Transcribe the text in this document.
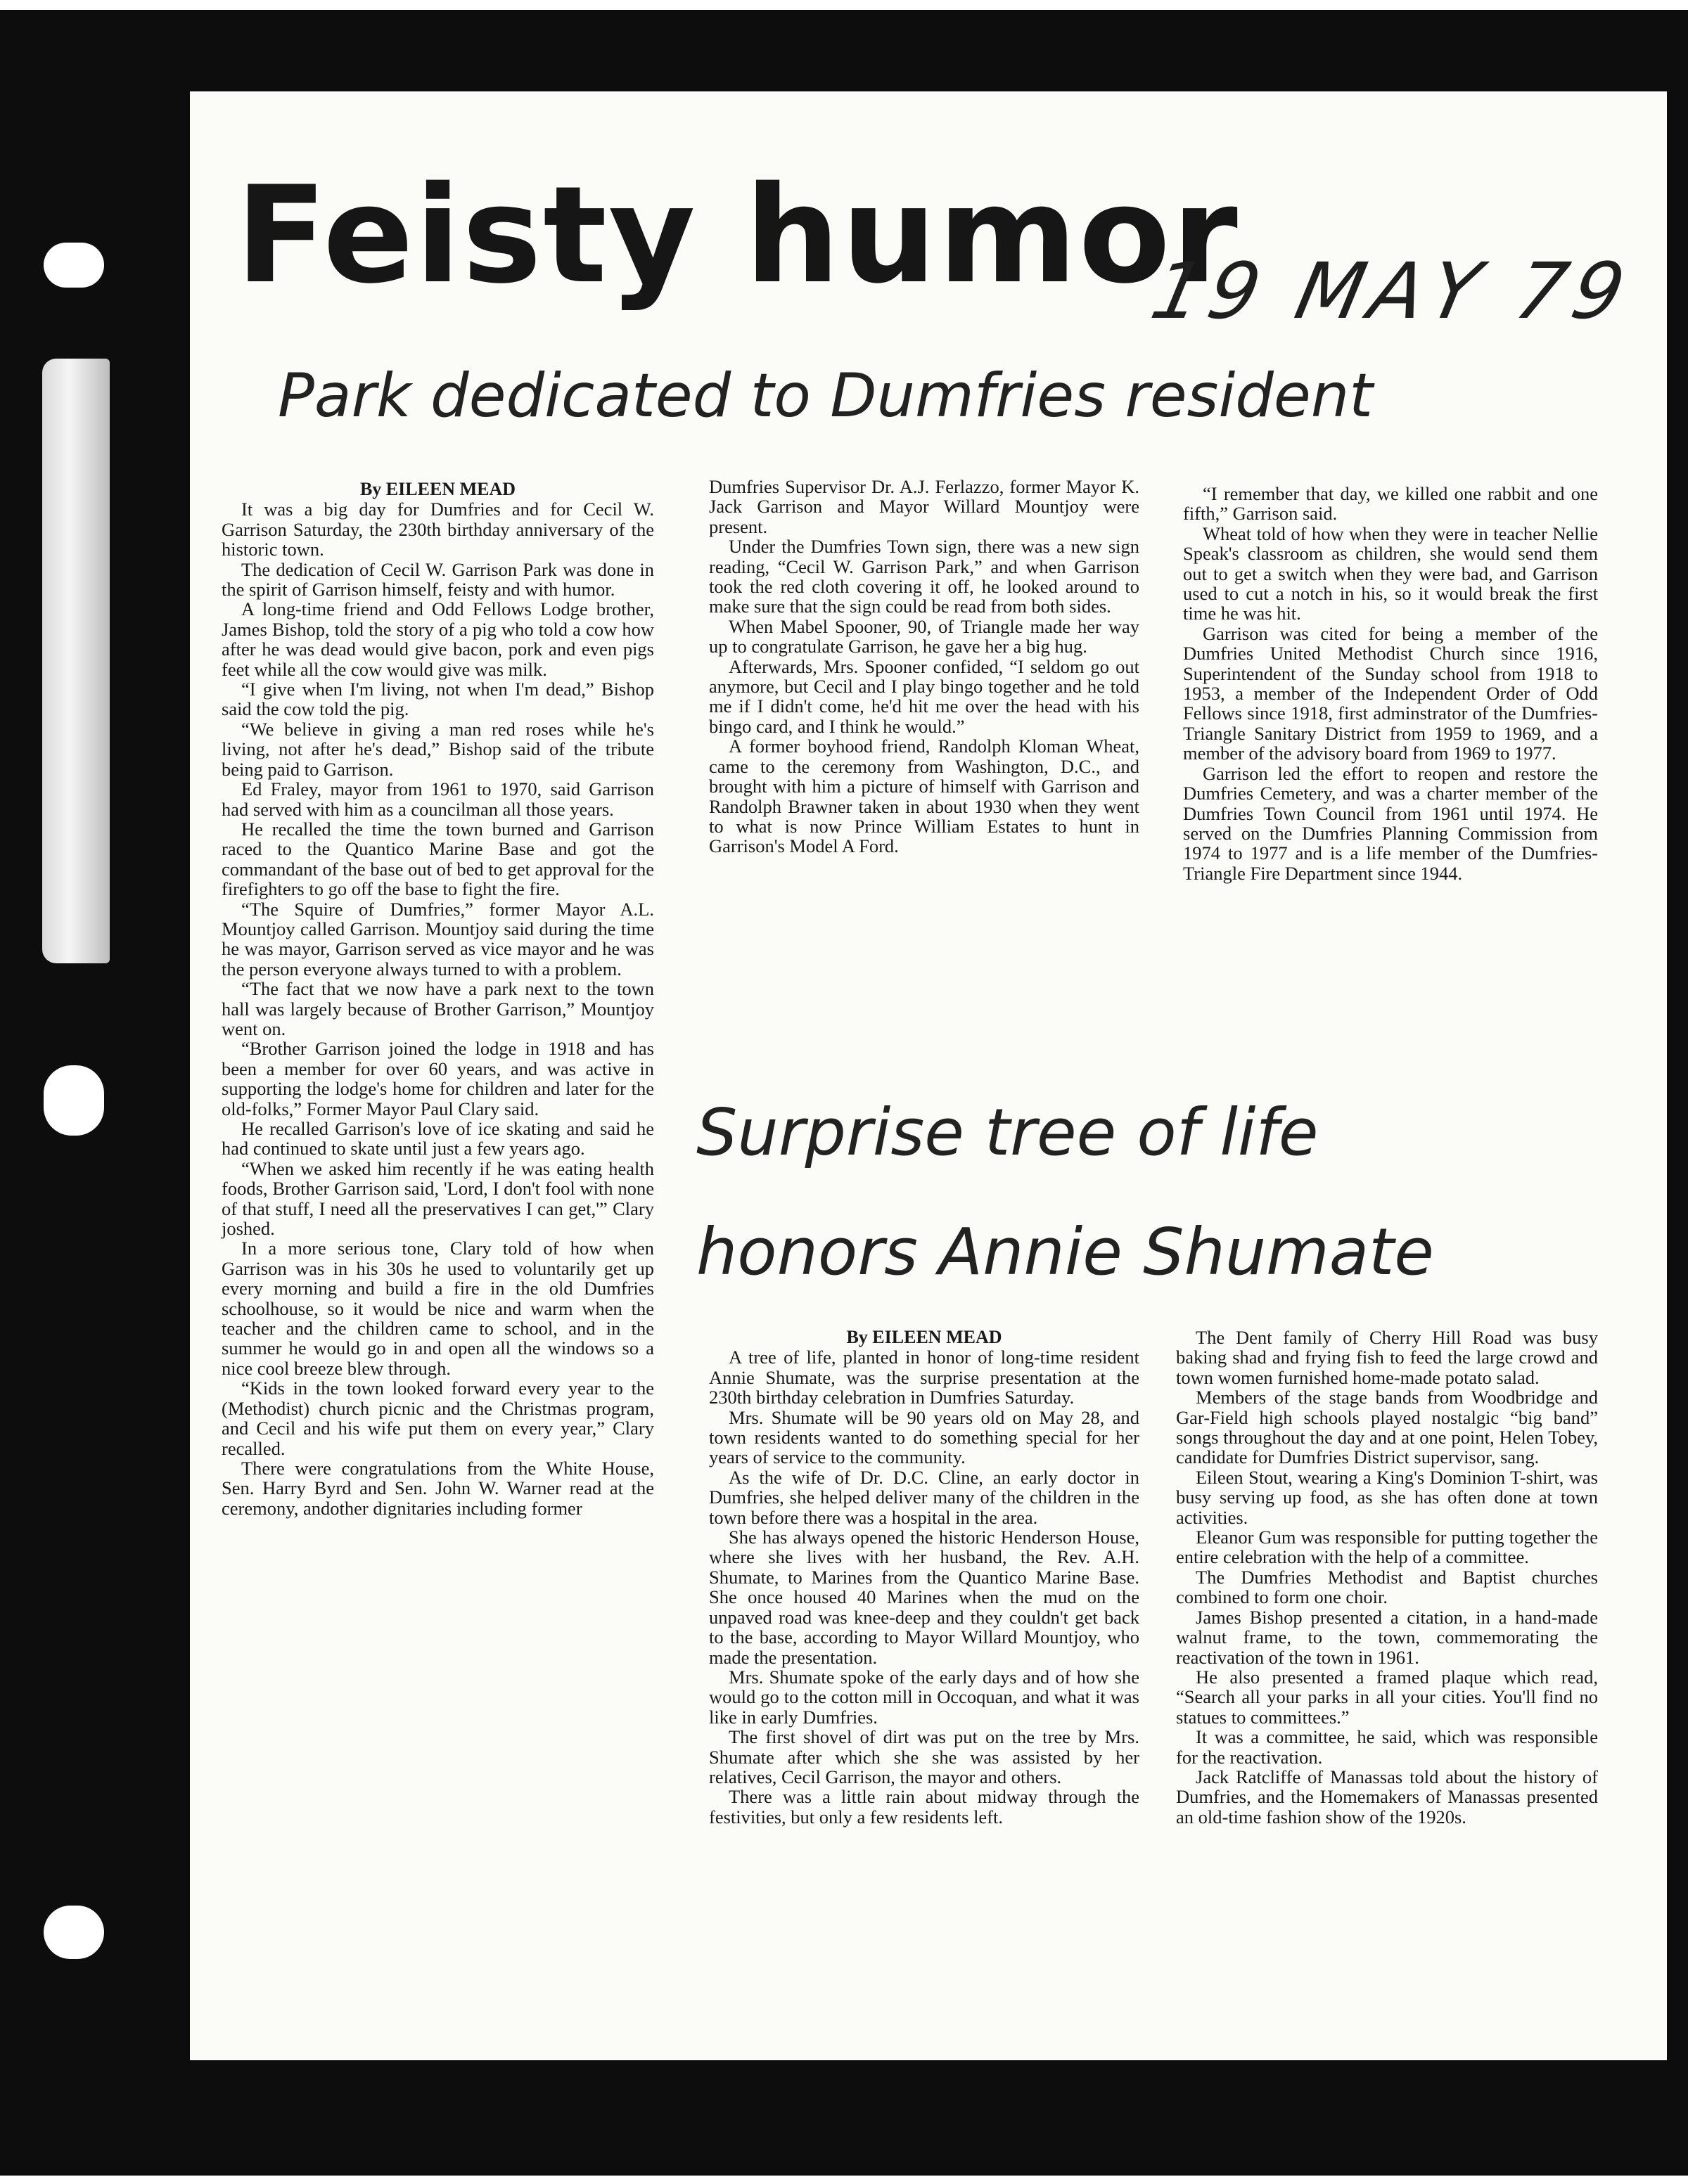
Feisty humor
19 MAY 79
Park dedicated to Dumfries resident
By EILEEN MEAD

It was a big day for Dumfries and for Cecil W. Garrison Saturday, the 230th birthday anniversary of the historic town.

The dedication of Cecil W. Garrison Park was done in the spirit of Garrison himself, feisty and with humor.

A long-time friend and Odd Fellows Lodge brother, James Bishop, told the story of a pig who told a cow how after he was dead would give bacon, pork and even pigs feet while all the cow would give was milk.

“I give when I'm living, not when I'm dead,” Bishop said the cow told the pig.

“We believe in giving a man red roses while he's living, not after he's dead,” Bishop said of the tribute being paid to Garrison.

Ed Fraley, mayor from 1961 to 1970, said Garrison had served with him as a councilman all those years.

He recalled the time the town burned and Garrison raced to the Quantico Marine Base and got the commandant of the base out of bed to get approval for the firefighters to go off the base to fight the fire.

“The Squire of Dumfries,” former Mayor A.L. Mountjoy called Garrison. Mountjoy said during the time he was mayor, Garrison served as vice mayor and he was the person everyone always turned to with a problem.

“The fact that we now have a park next to the town hall was largely because of Brother Garrison,” Mountjoy went on.

“Brother Garrison joined the lodge in 1918 and has been a member for over 60 years, and was active in supporting the lodge's home for children and later for the old-folks,” Former Mayor Paul Clary said.

He recalled Garrison's love of ice skating and said he had continued to skate until just a few years ago.

“When we asked him recently if he was eating health foods, Brother Garrison said, 'Lord, I don't fool with none of that stuff, I need all the preservatives I can get,'” Clary joshed.

In a more serious tone, Clary told of how when Garrison was in his 30s he used to voluntarily get up every morning and build a fire in the old Dumfries schoolhouse, so it would be nice and warm when the teacher and the children came to school, and in the summer he would go in and open all the windows so a nice cool breeze blew through.

“Kids in the town looked forward every year to the (Methodist) church picnic and the Christmas program, and Cecil and his wife put them on every year,” Clary recalled.

There were congratulations from the White House, Sen. Harry Byrd and Sen. John W. Warner read at the ceremony, andother dignitaries including former

Dumfries Supervisor Dr. A.J. Ferlazzo, former Mayor K. Jack Garrison and Mayor Willard Mountjoy were present.

Under the Dumfries Town sign, there was a new sign reading, “Cecil W. Garrison Park,” and when Garrison took the red cloth covering it off, he looked around to make sure that the sign could be read from both sides.

When Mabel Spooner, 90, of Triangle made her way up to congratulate Garrison, he gave her a big hug.

Afterwards, Mrs. Spooner confided, “I seldom go out anymore, but Cecil and I play bingo together and he told me if I didn't come, he'd hit me over the head with his bingo card, and I think he would.”

A former boyhood friend, Randolph Kloman Wheat, came to the ceremony from Washington, D.C., and brought with him a picture of himself with Garrison and Randolph Brawner taken in about 1930 when they went to what is now Prince William Estates to hunt in Garrison's Model A Ford.

“I remember that day, we killed one rabbit and one fifth,” Garrison said.

Wheat told of how when they were in teacher Nellie Speak's classroom as children, she would send them out to get a switch when they were bad, and Garrison used to cut a notch in his, so it would break the first time he was hit.

Garrison was cited for being a member of the Dumfries United Methodist Church since 1916, Superintendent of the Sunday school from 1918 to 1953, a member of the Independent Order of Odd Fellows since 1918, first adminstrator of the Dumfries-Triangle Sanitary District from 1959 to 1969, and a member of the advisory board from 1969 to 1977.

Garrison led the effort to reopen and restore the Dumfries Cemetery, and was a charter member of the Dumfries Town Council from 1961 until 1974. He served on the Dumfries Planning Commission from 1974 to 1977 and is a life member of the Dumfries-Triangle Fire Department since 1944.

Surprise tree of life
honors Annie Shumate
By EILEEN MEAD

A tree of life, planted in honor of long-time resident Annie Shumate, was the surprise presentation at the 230th birthday celebration in Dumfries Saturday.

Mrs. Shumate will be 90 years old on May 28, and town residents wanted to do something special for her years of service to the community.

As the wife of Dr. D.C. Cline, an early doctor in Dumfries, she helped deliver many of the children in the town before there was a hospital in the area.

She has always opened the historic Henderson House, where she lives with her husband, the Rev. A.H. Shumate, to Marines from the Quantico Marine Base. She once housed 40 Marines when the mud on the unpaved road was knee-deep and they couldn't get back to the base, according to Mayor Willard Mountjoy, who made the presentation.

Mrs. Shumate spoke of the early days and of how she would go to the cotton mill in Occoquan, and what it was like in early Dumfries.

The first shovel of dirt was put on the tree by Mrs. Shumate after which she she was assisted by her relatives, Cecil Garrison, the mayor and others.

There was a little rain about midway through the festivities, but only a few residents left.

The Dent family of Cherry Hill Road was busy baking shad and frying fish to feed the large crowd and town women furnished home-made potato salad.

Members of the stage bands from Woodbridge and Gar-Field high schools played nostalgic “big band” songs throughout the day and at one point, Helen Tobey, candidate for Dumfries District supervisor, sang.

Eileen Stout, wearing a King's Dominion T-shirt, was busy serving up food, as she has often done at town activities.

Eleanor Gum was responsible for putting together the entire celebration with the help of a committee.

The Dumfries Methodist and Baptist churches combined to form one choir.

James Bishop presented a citation, in a hand-made walnut frame, to the town, commemorating the reactivation of the town in 1961.

He also presented a framed plaque which read, “Search all your parks in all your cities. You'll find no statues to committees.”

It was a committee, he said, which was responsible for the reactivation.

Jack Ratcliffe of Manassas told about the history of Dumfries, and the Homemakers of Manassas presented an old-time fashion show of the 1920s.
